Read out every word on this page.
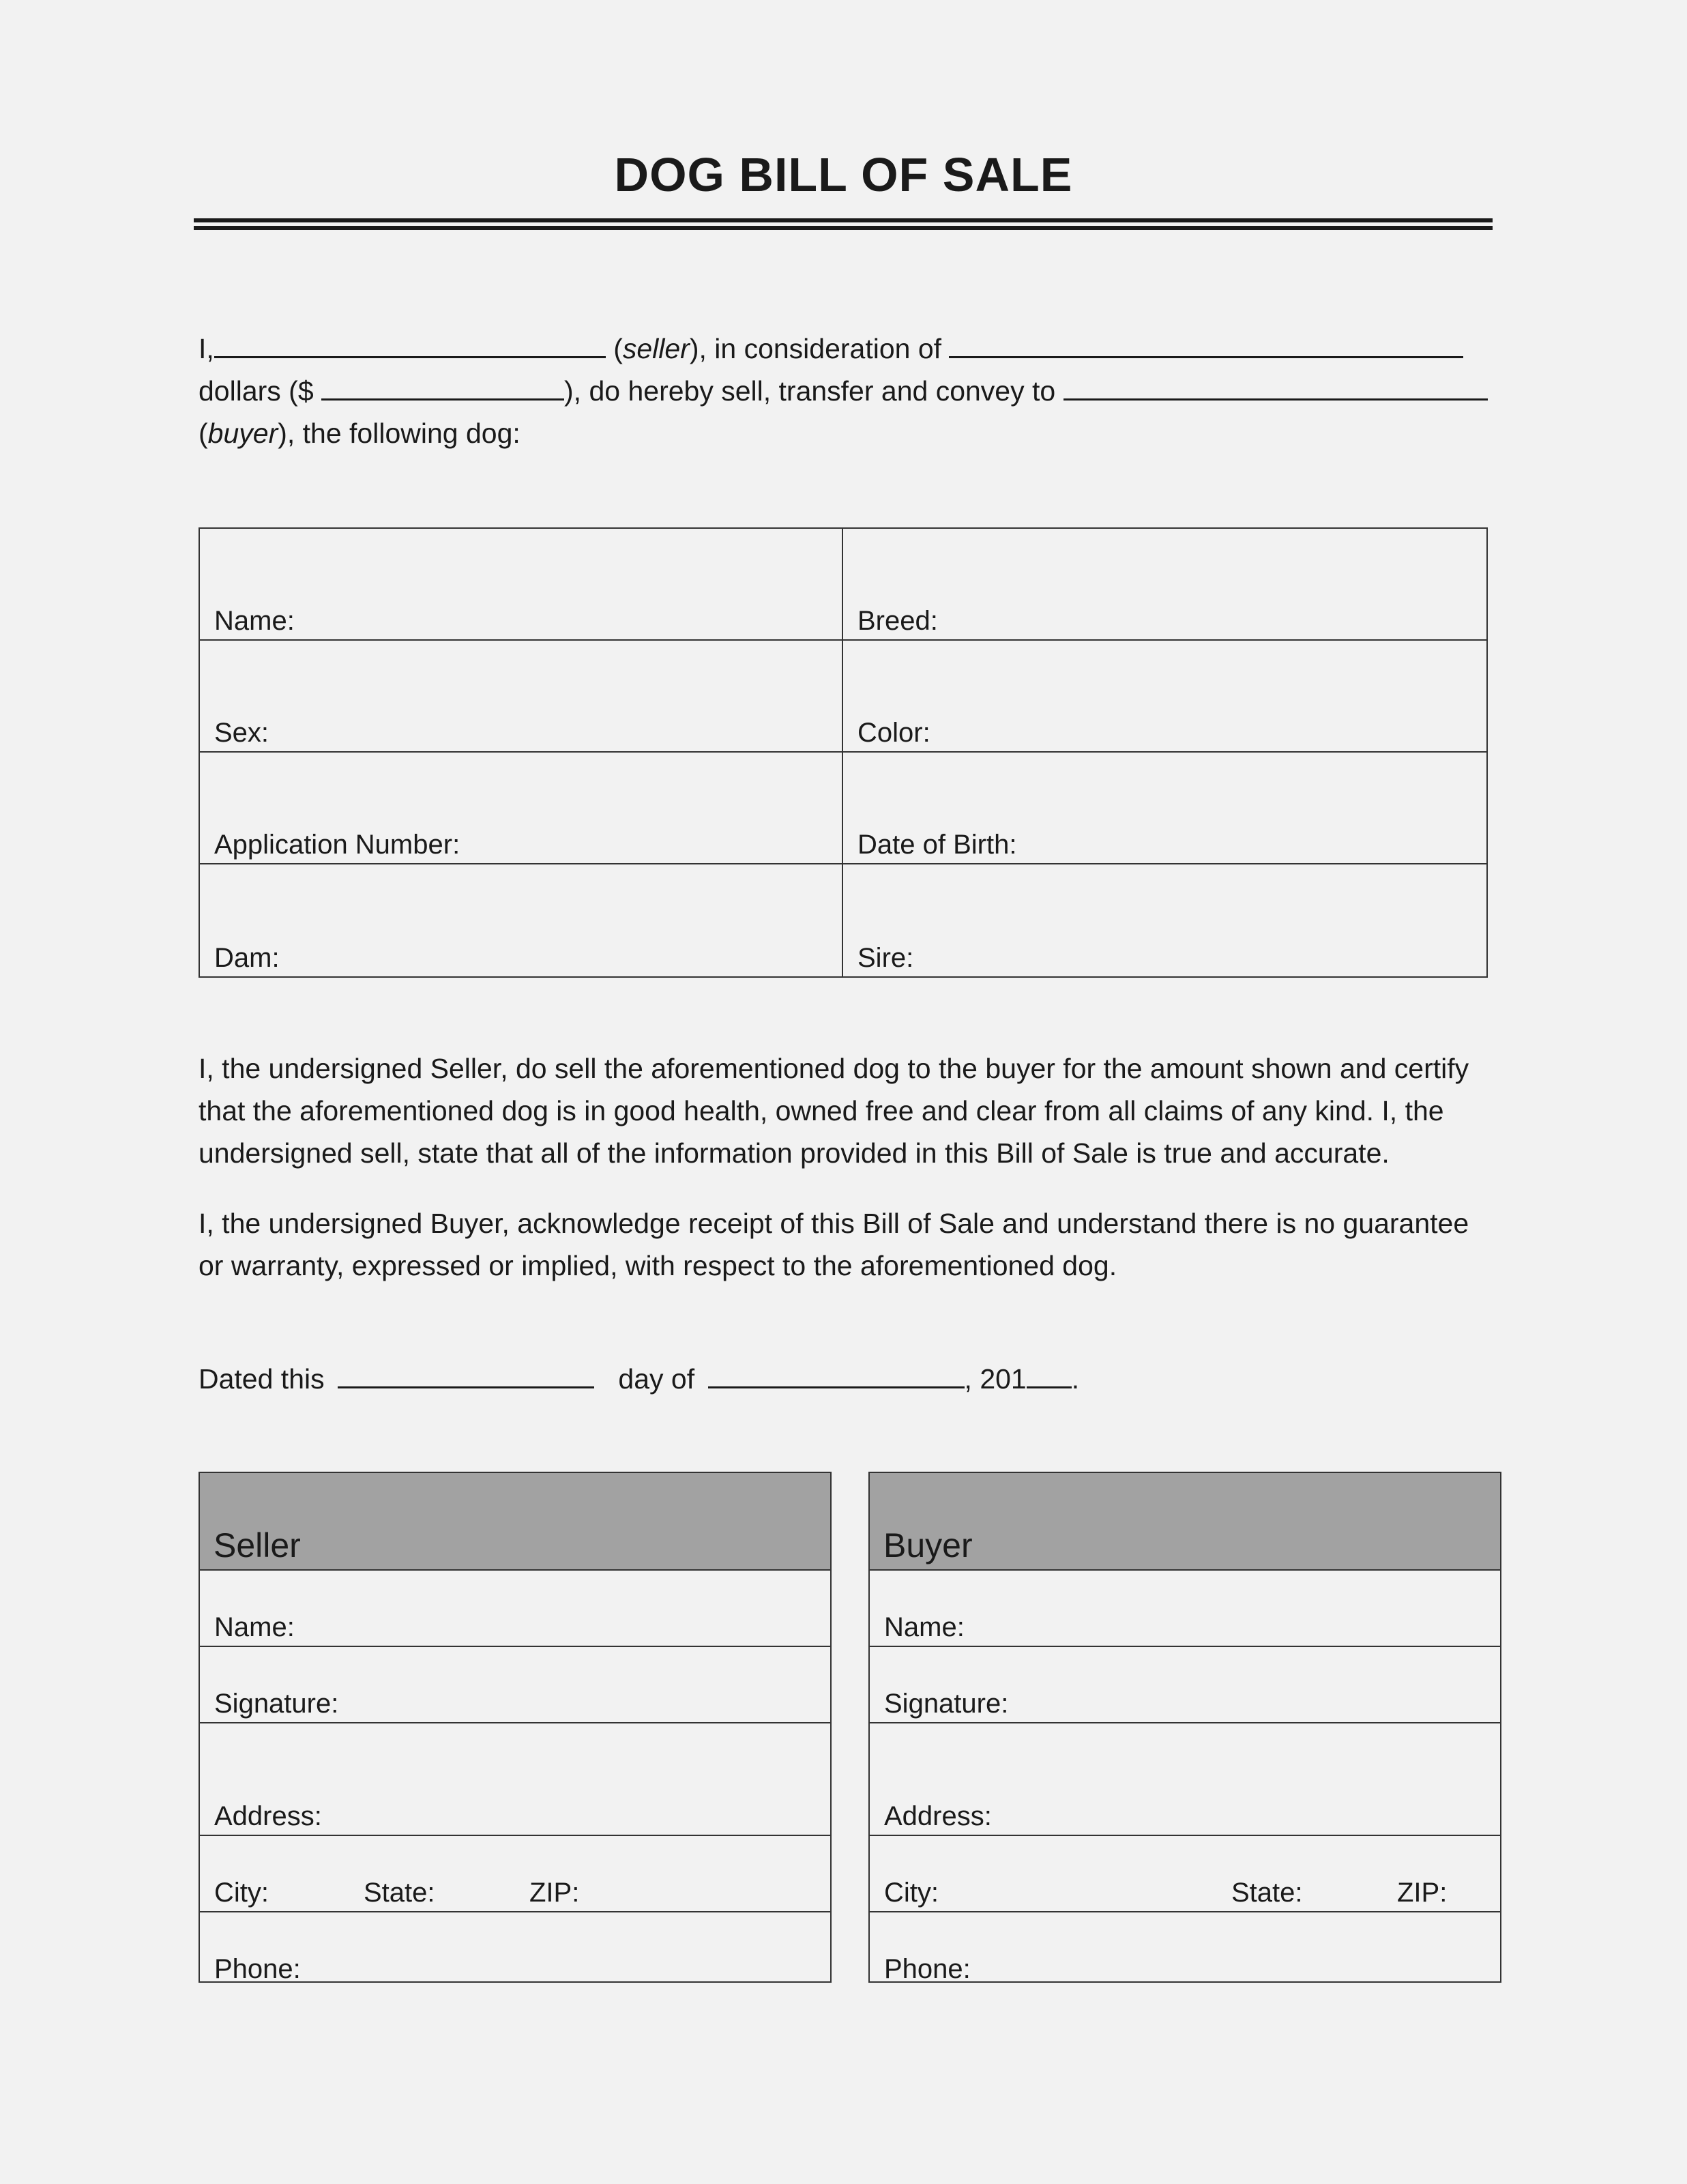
DOG BILL OF SALE
I,	(seller), in consideration of
dollars ($	), do hereby sell, transfer and convey to
(buyer), the following dog:
Name:	Breed:
Sex:	Color:
Application Number:	Date of Birth:
Dam:	Sire:
I, the undersigned Seller, do sell the aforementioned dog to the buyer for the amount shown and certify
that the aforementioned dog is in good health, owned free and clear from all claims of any kind. I, the
undersigned sell, state that all of the information provided in this Bill of Sale is true and accurate.
I, the undersigned Buyer, acknowledge receipt of this Bill of Sale and understand there is no guarantee
or warranty, expressed or implied, with respect to the aforementioned dog.
Dated this	day of	, 201 .
Seller
Name:
Signature:
Address:
City:	State:	ZIP:
Phone:
Buyer
Name:
Signature:
Address:
City:	State:	ZIP:
Phone:
